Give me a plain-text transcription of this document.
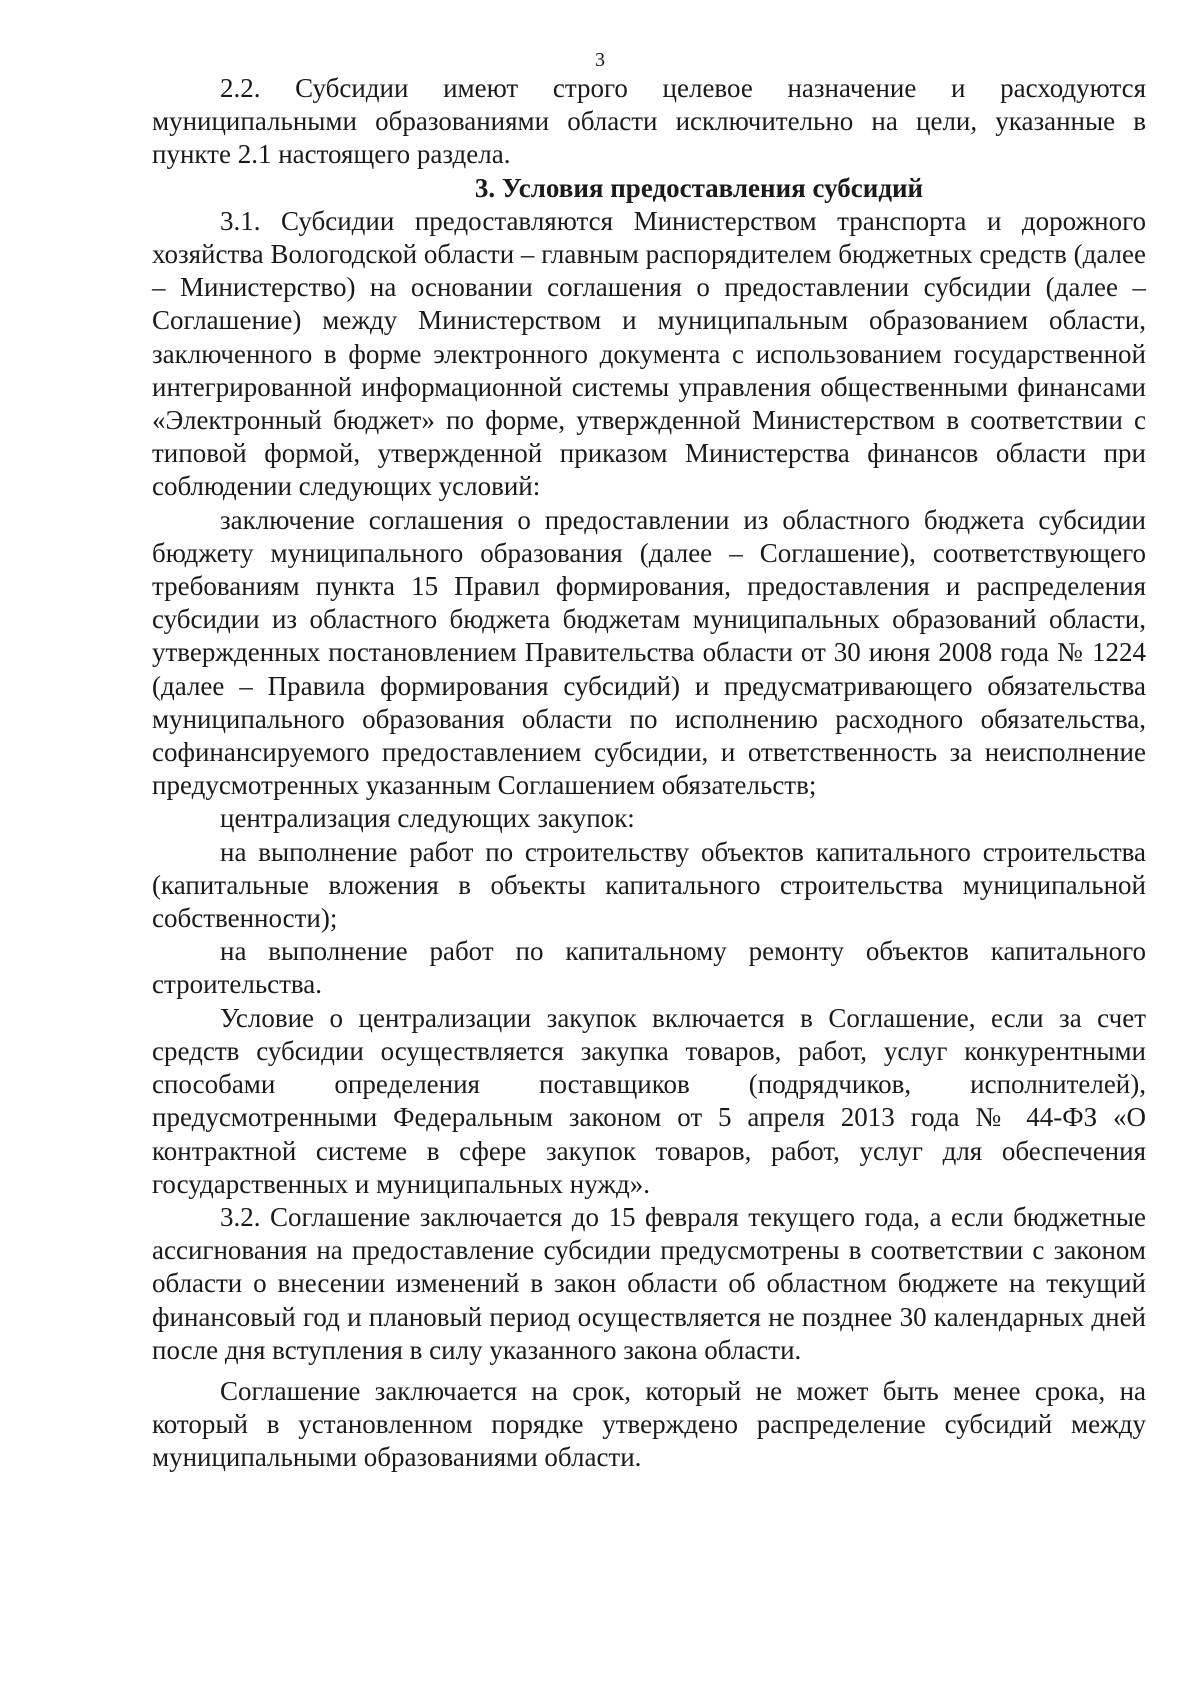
3

2.2. Субсидии имеют строго целевое назначение и расходуются муниципальными образованиями области исключительно на цели, указанные в пункте 2.1 настоящего раздела.

3. Условия предоставления субсидий

3.1. Субсидии предоставляются Министерством транспорта и дорожного хозяйства Вологодской области – главным распорядителем бюджетных средств (далее – Министерство) на основании соглашения о предоставлении субсидии (далее – Соглашение) между Министерством и муниципальным образованием области, заключенного в форме электронного документа с использованием государственной интегрированной информационной системы управления общественными финансами «Электронный бюджет» по форме, утвержденной Министерством в соответствии с типовой формой, утвержденной приказом Министерства финансов области при соблюдении следующих условий:

заключение соглашения о предоставлении из областного бюджета субсидии бюджету муниципального образования (далее – Соглашение), соответствующего требованиям пункта 15 Правил формирования, предоставления и распределения субсидии из областного бюджета бюджетам муниципальных образований области, утвержденных постановлением Правительства области от 30 июня 2008 года № 1224 (далее – Правила формирования субсидий) и предусматривающего обязательства муниципального образования области по исполнению расходного обязательства, софинансируемого предоставлением субсидии, и ответственность за неисполнение предусмотренных указанным Соглашением обязательств;

централизация следующих закупок:

на выполнение работ по строительству объектов капитального строительства (капитальные вложения в объекты капитального строительства муниципальной собственности);

на выполнение работ по капитальному ремонту объектов капитального строительства.

Условие о централизации закупок включается в Соглашение, если за счет средств субсидии осуществляется закупка товаров, работ, услуг конкурентными способами определения поставщиков (подрядчиков, исполнителей), предусмотренными Федеральным законом от 5 апреля 2013 года № 44-ФЗ «О контрактной системе в сфере закупок товаров, работ, услуг для обеспечения государственных и муниципальных нужд».

3.2. Соглашение заключается до 15 февраля текущего года, а если бюджетные ассигнования на предоставление субсидии предусмотрены в соответствии с законом области о внесении изменений в закон области об областном бюджете на текущий финансовый год и плановый период осуществляется не позднее 30 календарных дней после дня вступления в силу указанного закона области.

Соглашение заключается на срок, который не может быть менее срока, на который в установленном порядке утверждено распределение субсидий между муниципальными образованиями области.
